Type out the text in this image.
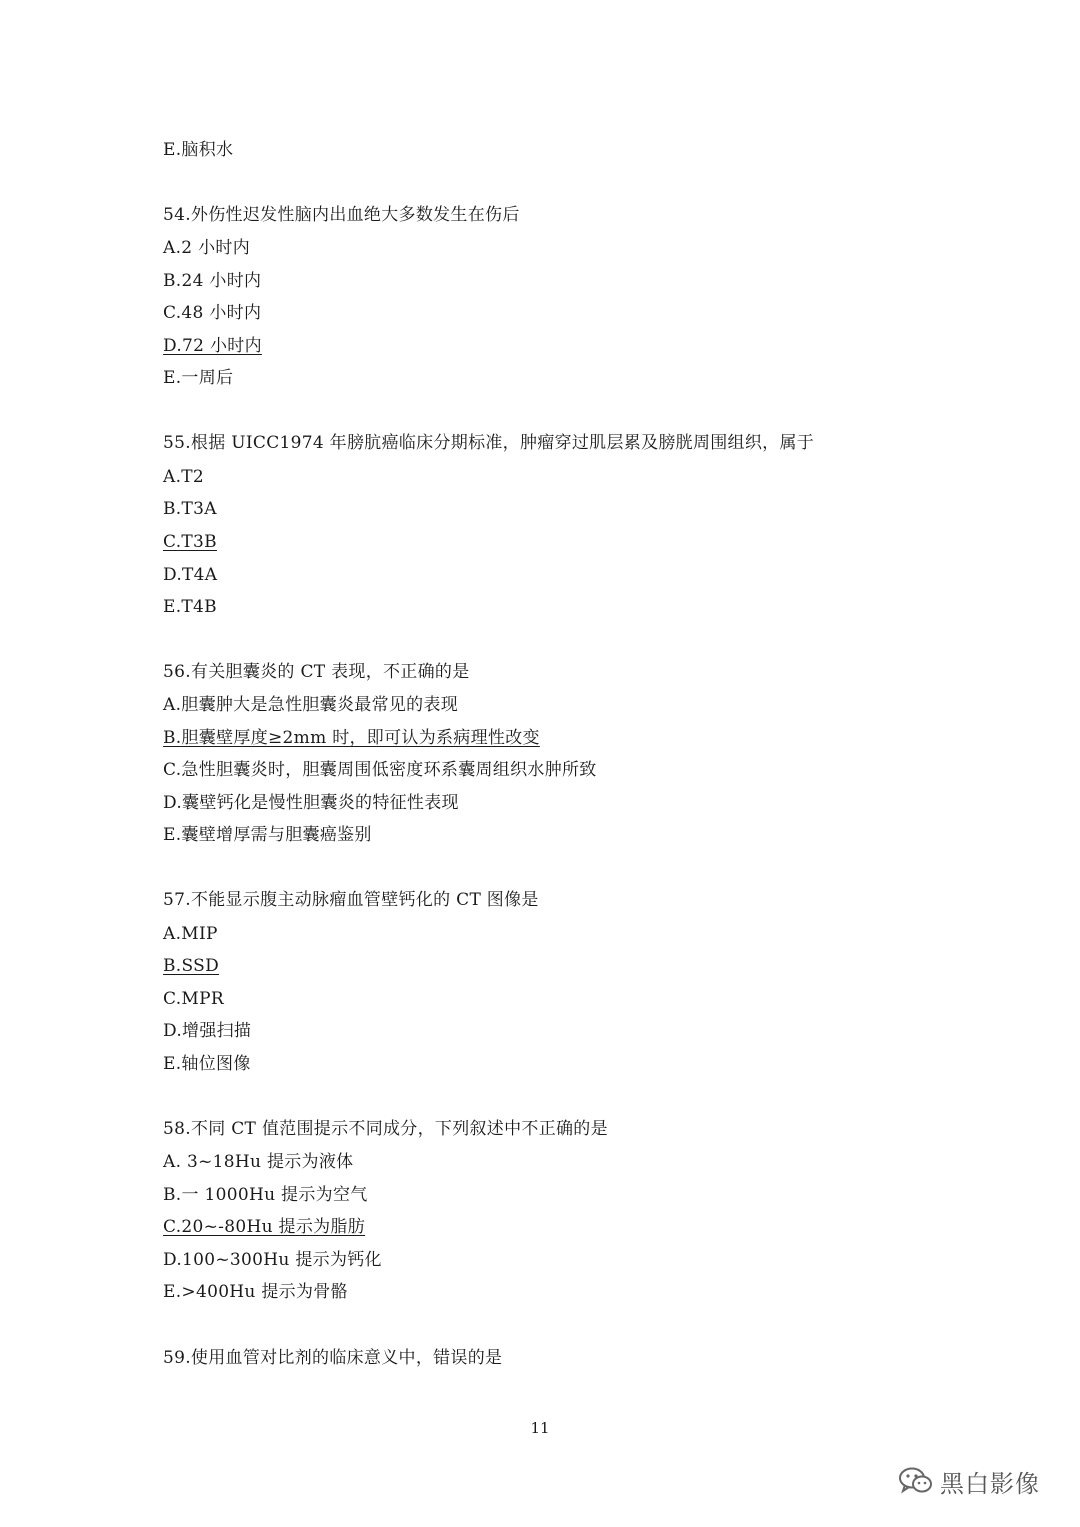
E.脑积水
54.外伤性迟发性脑内出血绝大多数发生在伤后
A.2 小时内
B.24 小时内
C.48 小时内
D.72 小时内
E.一周后
55.根据 UICC1974 年膀肮癌临床分期标准，肿瘤穿过肌层累及膀胱周围组织，属于
A.T2
B.T3A
C.T3B
D.T4A
E.T4B
56.有关胆囊炎的 CT 表现，不正确的是
A.胆囊肿大是急性胆囊炎最常见的表现
B.胆囊壁厚度≥2mm 时，即可认为系病理性改变
C.急性胆囊炎时，胆囊周围低密度环系囊周组织水肿所致
D.囊壁钙化是慢性胆囊炎的特征性表现
E.囊壁增厚需与胆囊癌鉴别
57.不能显示腹主动脉瘤血管壁钙化的 CT 图像是
A.MIP
B.SSD
C.MPR
D.增强扫描
E.轴位图像
58.不同 CT 值范围提示不同成分，下列叙述中不正确的是
A. 3~18Hu 提示为液体
B.一 1000Hu 提示为空气
C.20~-80Hu 提示为脂肪
D.100~300Hu 提示为钙化
E.>400Hu 提示为骨骼
59.使用血管对比剂的临床意义中，错误的是
11
黑白影像
